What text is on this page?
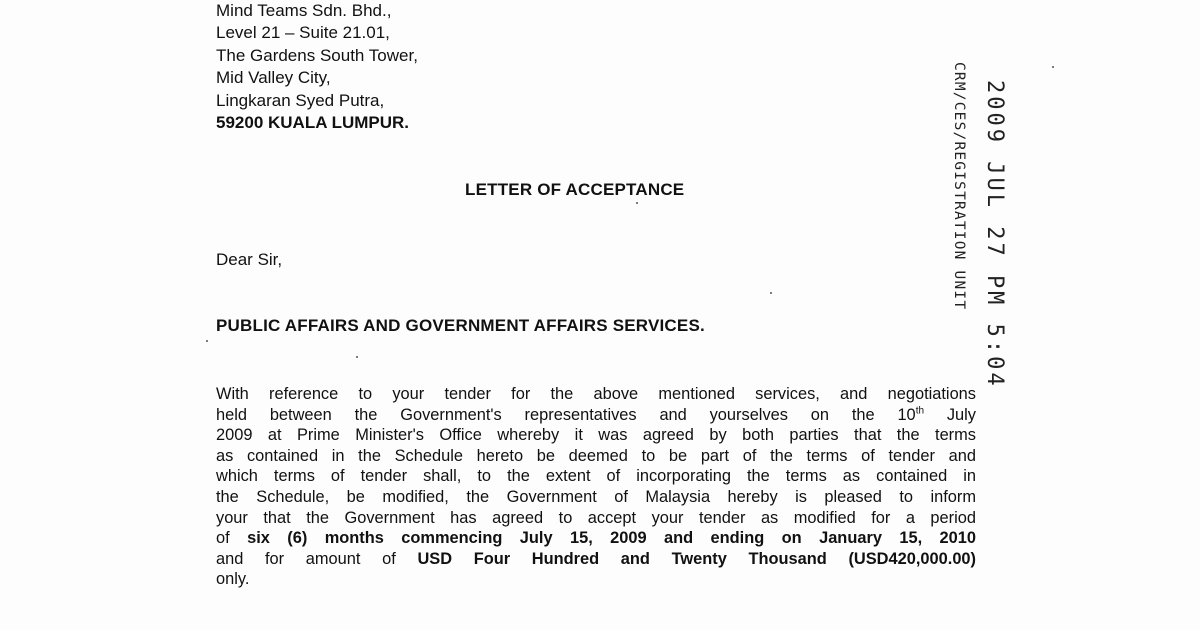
Mind Teams Sdn. Bhd.,
Level 21 – Suite 21.01,
The Gardens South Tower,
Mid Valley City,
Lingkaran Syed Putra,
59200 KUALA LUMPUR.	CRM/CES/REGISTRATION UNIT 2009 JUL 27 PM 5:04
LETTER OF ACCEPTANCE
Dear Sir,
PUBLIC AFFAIRS AND GOVERNMENT AFFAIRS SERVICES.
With reference to your tender for the above mentioned services, and negotiations
held between the Government's representatives and yourselves on the 10th July
2009 at Prime Minister's Office whereby it was agreed by both parties that the terms
as contained in the Schedule hereto be deemed to be part of the terms of tender and
which terms of tender shall, to the extent of incorporating the terms as contained in
the Schedule, be modified, the Government of Malaysia hereby is pleased to inform
your that the Government has agreed to accept your tender as modified for a period
of six (6) months commencing July 15, 2009 and ending on January 15, 2010
and for amount of USD Four Hundred and Twenty Thousand (USD420,000.00)
only.
